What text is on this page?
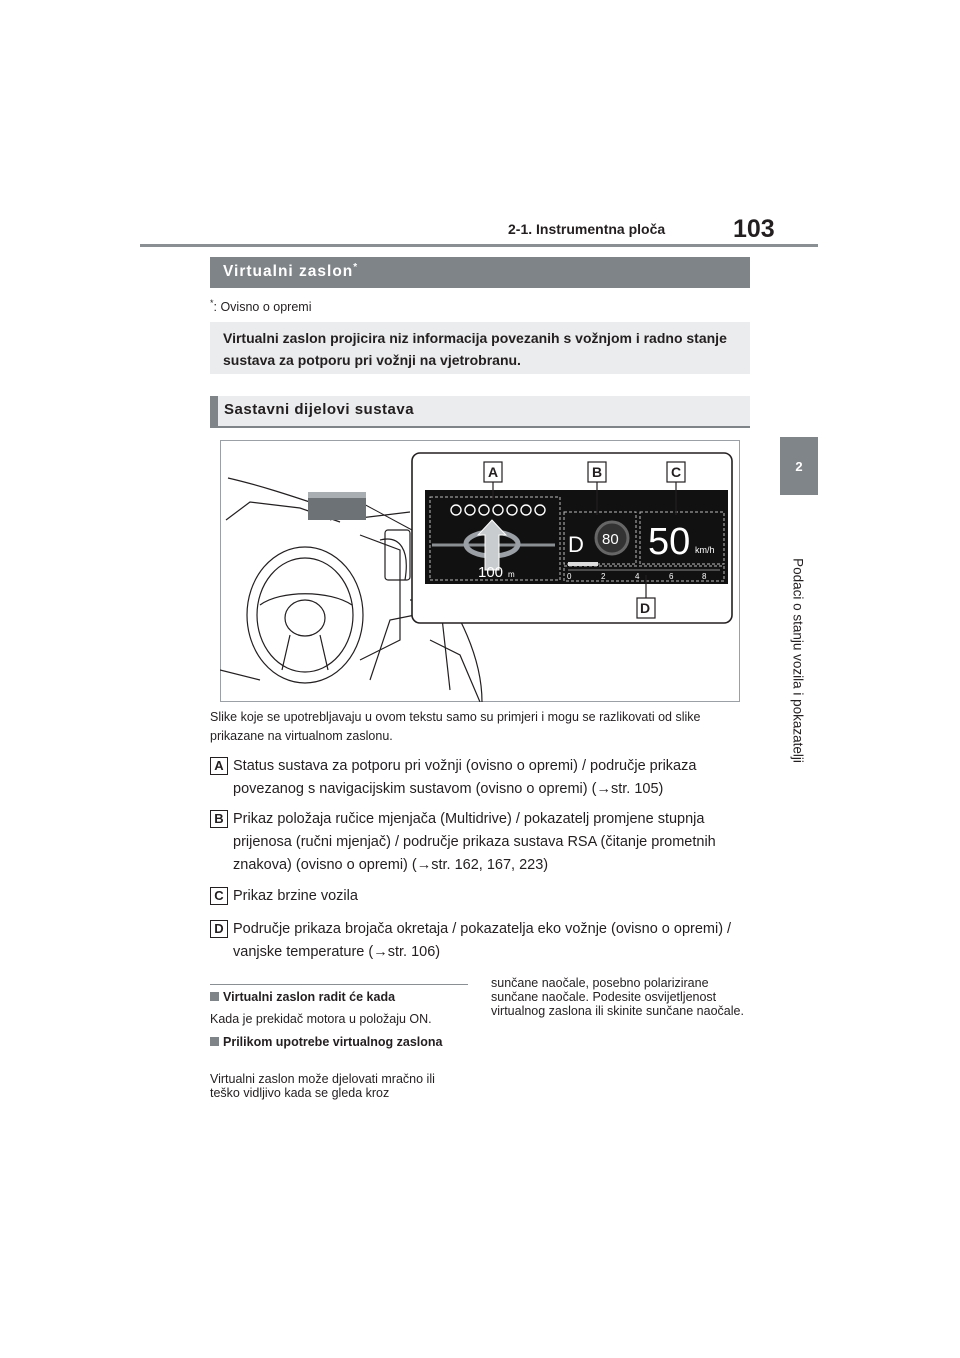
2-1. Instrumentna ploča	103
2
Podaci o stanju vozila i pokazatelji
Virtualni zaslon*
*: Ovisno o opremi
Virtualni zaslon projicira niz informacija povezanih s vožnjom i radno stanje sustava za potporu pri vožnji na vjetrobranu.
Sastavni dijelovi sustava
100 m
D 80 50 km/h
0	2	4	6	8
A	B	C
D
Slike koje se upotrebljavaju u ovom tekstu samo su primjeri i mogu se razlikovati od slike prikazane na virtualnom zaslonu.
A Status sustava za potporu pri vožnji (ovisno o opremi) / područje prikaza povezanog s navigacijskim sustavom (ovisno o opremi) (→str. 105)
B Prikaz položaja ručice mjenjača (Multidrive) / pokazatelj promjene stupnja prijenosa (ručni mjenjač) / područje prikaza sustava RSA (čitanje prometnih znakova) (ovisno o opremi) (→str. 162, 167, 223)
C Prikaz brzine vozila
D Područje prikaza brojača okretaja / pokazatelja eko vožnje (ovisno o opremi) / vanjske temperature (→str. 106)
Virtualni zaslon radit će kada
Kada je prekidač motora u položaju ON.
Prilikom upotrebe virtualnog zaslona
Virtualni zaslon može djelovati mračno ili teško vidljivo kada se gleda kroz
sunčane naočale, posebno polarizirane sunčane naočale. Podesite osvijetljenost virtualnog zaslona ili skinite sunčane naočale.
